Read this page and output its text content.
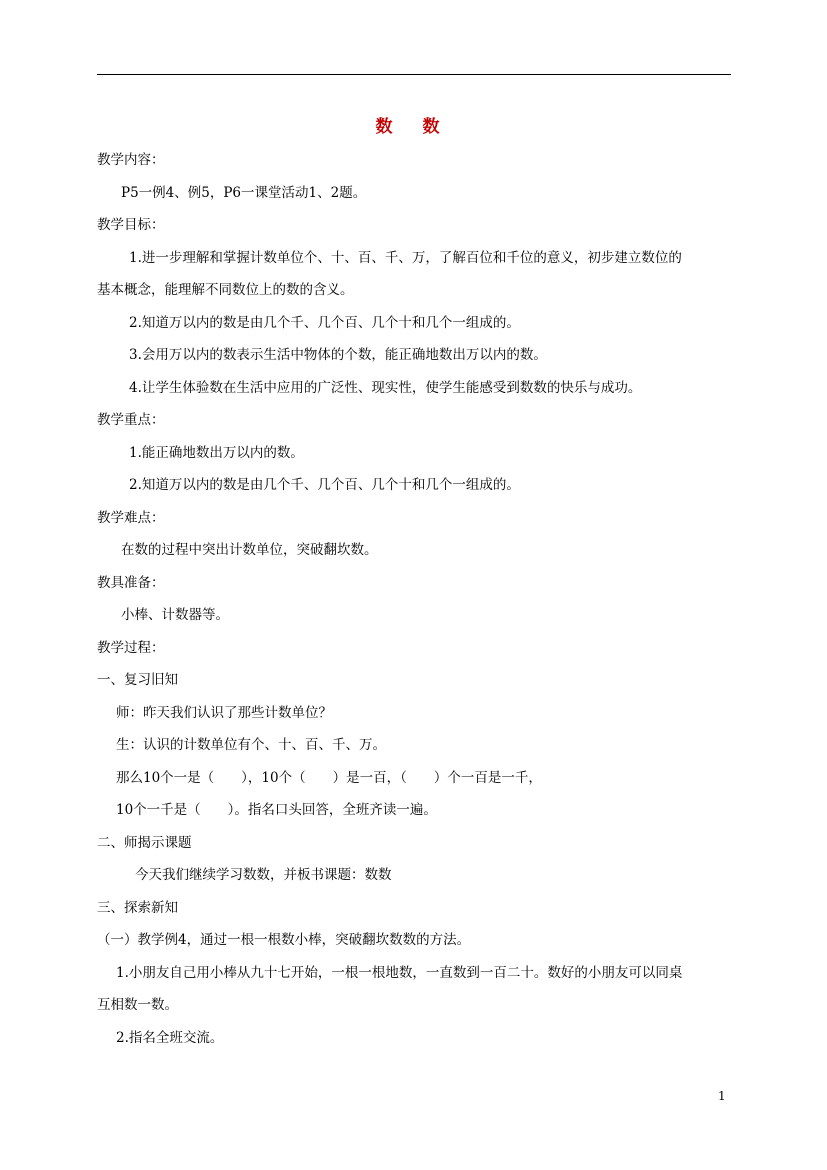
数 数
教学内容：
P5一例4、例5，P6一课堂活动1、2题。
教学目标：
1.进一步理解和掌握计数单位个、十、百、千、万，了解百位和千位的意义，初步建立数位的
基本概念，能理解不同数位上的数的含义。
2.知道万以内的数是由几个千、几个百、几个十和几个一组成的。
3.会用万以内的数表示生活中物体的个数，能正确地数出万以内的数。
4.让学生体验数在生活中应用的广泛性、现实性，使学生能感受到数数的快乐与成功。
教学重点：
1.能正确地数出万以内的数。
2.知道万以内的数是由几个千、几个百、几个十和几个一组成的。
教学难点：
在数的过程中突出计数单位，突破翻坎数。
教具准备：
小棒、计数器等。
教学过程：
一、复习旧知
师：昨天我们认识了那些计数单位？
生：认识的计数单位有个、十、百、千、万。
那么10个一是（　　），10个（　　）是一百，（　　）个一百是一千，
10个一千是（　　）。指名口头回答，全班齐读一遍。
二、师揭示课题
今天我们继续学习数数，并板书课题：数数
三、探索新知
（一）教学例4，通过一根一根数小棒，突破翻坎数数的方法。
1.小朋友自己用小棒从九十七开始，一根一根地数，一直数到一百二十。数好的小朋友可以同桌
互相数一数。
2.指名全班交流。
1
